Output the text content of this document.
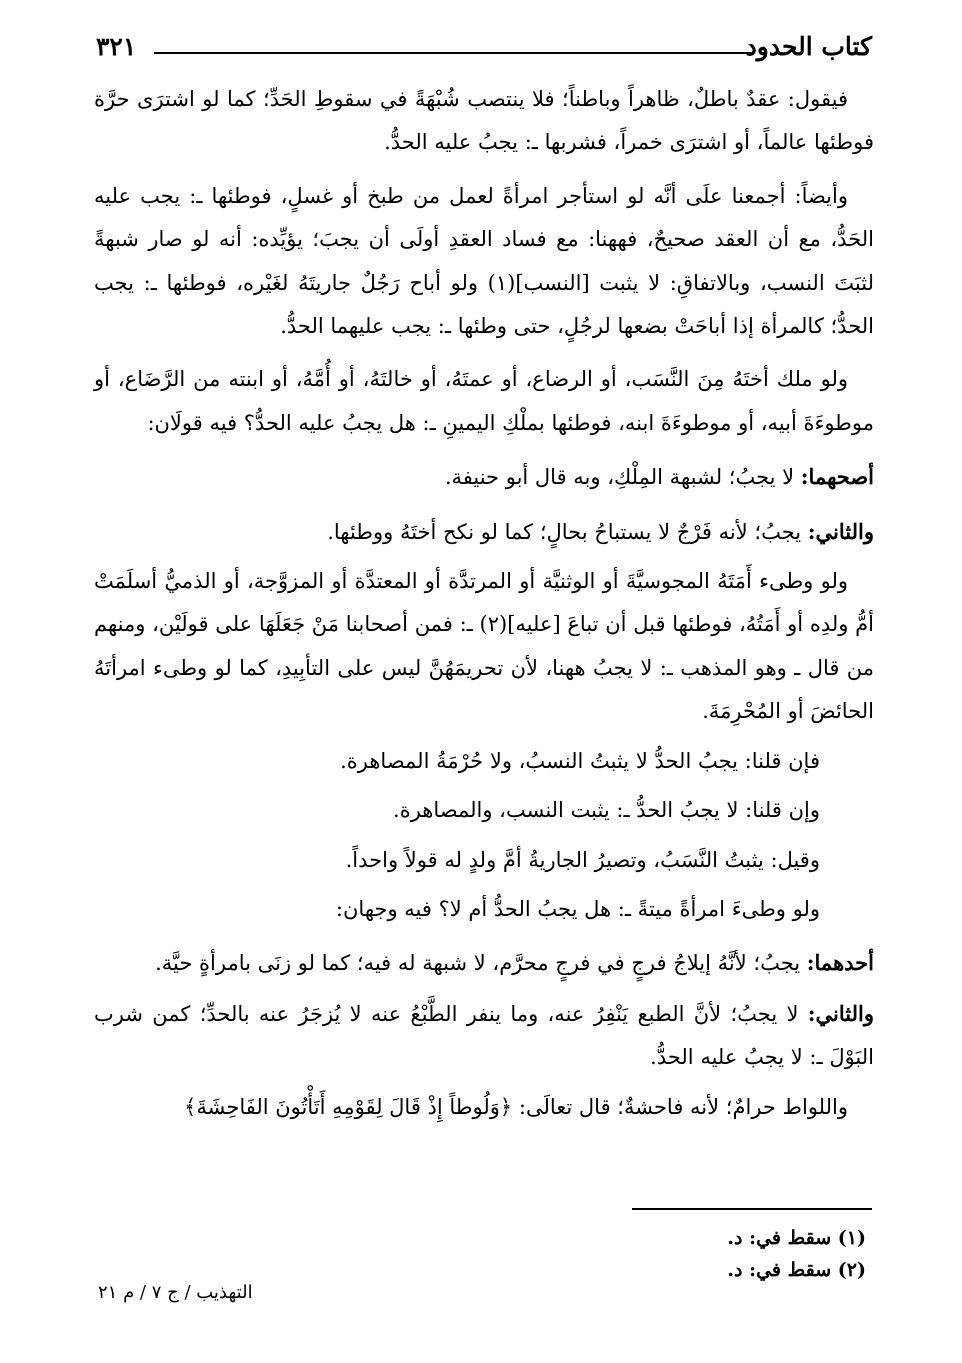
كتاب الحدود
٣٢١

فيقول: عقدٌ باطلٌ، ظاهراً وباطناً؛ فلا ينتصب شُبْهَةً في سقوطِ الحَدِّ؛ كما لو اشترَى حرَّة فوطئها عالماً، أو اشترَى خمراً، فشربها ـ: يجبُ عليه الحدُّ.

وأيضاً: أجمعنا علَى أنَّه لو استأجر امرأةً لعمل من طبخ أو غسلٍ، فوطئها ـ: يجب عليه الحَدُّ، مع أن العقد صحيحٌ، فههنا: مع فساد العقدِ أولَى أن يجبَ؛ يؤيِّده: أنه لو صار شبهةً لثبَتَ النسب، وبالاتفاقِ: لا يثبت [النسب](١) ولو أباح رَجُلٌ جاريتَهُ لغَيْره، فوطئها ـ: يجب الحدُّ؛ كالمرأة إذا أباحَتْ بضعها لرجُلٍ، حتى وطئها ـ: يجب عليهما الحدُّ.

ولو ملك أختَهُ مِنَ النَّسَب، أو الرضاع، أو عمتَهُ، أو خالتَهُ، أو أُمَّهُ، أو ابنته من الرَّضَاع، أو موطوءَةَ أبيه، أو موطوءَةَ ابنه، فوطئها بملْكِ اليمينِ ـ: هل يجبُ عليه الحدُّ؟ فيه قولَان:

أصحهما: لا يجبُ؛ لشبهة المِلْكِ، وبه قال أبو حنيفة.

والثاني: يجبُ؛ لأنه فَرْجٌ لا يستباحُ بحالٍ؛ كما لو نكح أختَهُ ووطئها.

ولو وطىء أَمَتَهُ المجوسيَّةَ أو الوثنيَّة أو المرتدَّة أو المعتدَّة أو المزوَّجة، أو الذميُّ أسلَمَتْ أمُّ ولدِه أو أَمَتُهُ، فوطئها قبل أن تباعَ [عليه](٢) ـ: فمن أصحابنا مَنْ جَعَلَهَا على قولَيْن، ومنهم من قال ـ وهو المذهب ـ: لا يجبُ ههنا، لأن تحريمَهُنَّ ليس على التأبِيدِ، كما لو وطىء امرأتَهُ الحائضَ أو المُحْرِمَةَ.

فإن قلنا: يجبُ الحدُّ لا يثبتُ النسبُ، ولا حُرْمَةُ المصاهرة.

وإن قلنا: لا يجبُ الحدُّ ـ: يثبت النسب، والمصاهرة.

وقيل: يثبتُ النَّسَبُ، وتصيرُ الجاريةُ أمَّ ولدٍ له قولاً واحداً.

ولو وطىءَ امرأةً ميتةً ـ: هل يجبُ الحدُّ أم لا؟ فيه وجهان:

أحدهما: يجبُ؛ لأنَّهُ إيلاجُ فرجٍ في فرجٍ محرَّم، لا شبهة له فيه؛ كما لو زنَى بامرأةٍ حيَّة.

والثاني: لا يجبُ؛ لأنَّ الطبع يَنْفِرُ عنه، وما ينفر الطَّبْعُ عنه لا يُزجَرُ عنه بالحدِّ؛ كمن شرب البَوْلَ ـ: لا يجبُ عليه الحدُّ.

واللواط حرامٌ؛ لأنه فاحشةٌ؛ قال تعالَى: ﴿وَلُوطاً إِذْ قَالَ لِقَوْمِهِ أَتَأْتُونَ الفَاحِشَةَ﴾

(١) سقط في: د.
(٢) سقط في: د.
التهذيب / ج ٧ / م ٢١
